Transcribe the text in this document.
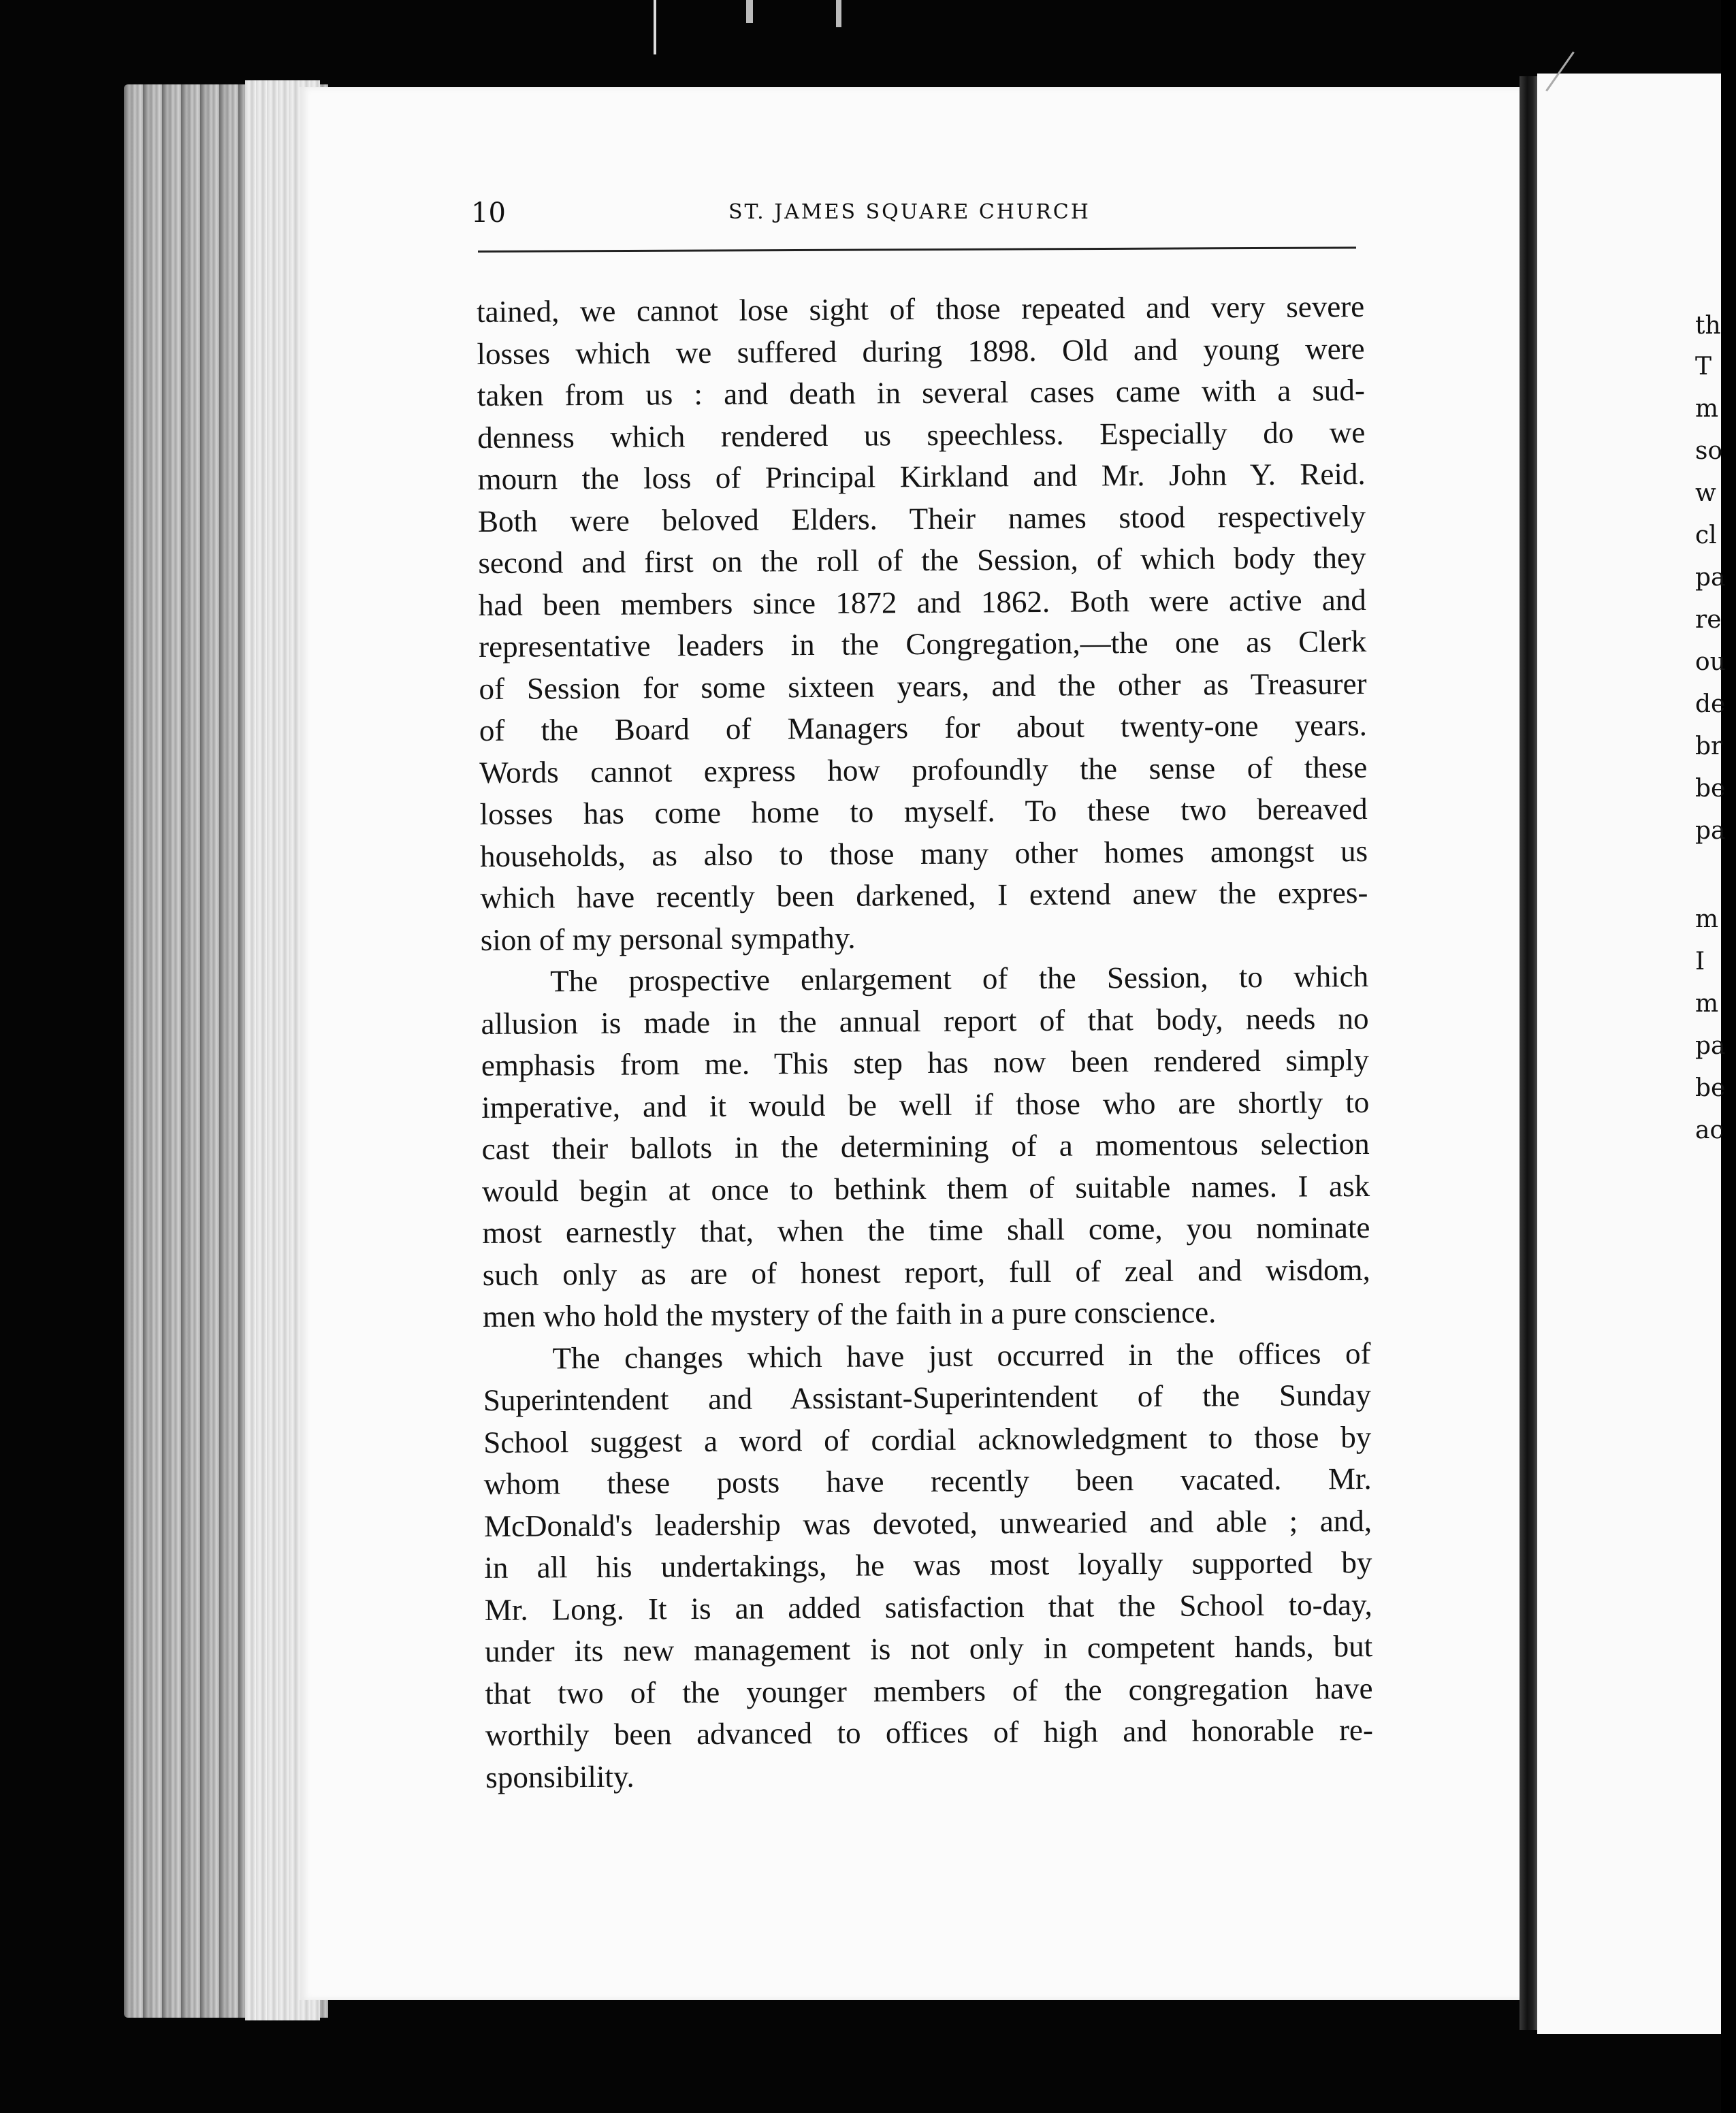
10	ST. JAMES SQUARE CHURCH
tained, we cannot lose sight of those repeated and very severe
losses which we suffered during 1898. Old and young were
taken from us : and death in several cases came with a sud-
denness which rendered us speechless. Especially do we
mourn the loss of Principal Kirkland and Mr. John Y. Reid.
Both were beloved Elders. Their names stood respectively
second and first on the roll of the Session, of which body they
had been members since 1872 and 1862. Both were active and
representative leaders in the Congregation,—the one as Clerk
of Session for some sixteen years, and the other as Treasurer
of the Board of Managers for about twenty-one years.
Words cannot express how profoundly the sense of these
losses has come home to myself. To these two bereaved
households, as also to those many other homes amongst us
which have recently been darkened, I extend anew the expres-
sion of my personal sympathy.
The prospective enlargement of the Session, to which
allusion is made in the annual report of that body, needs no
emphasis from me. This step has now been rendered simply
imperative, and it would be well if those who are shortly to
cast their ballots in the determining of a momentous selection
would begin at once to bethink them of suitable names. I ask
most earnestly that, when the time shall come, you nominate
such only as are of honest report, full of zeal and wisdom,
men who hold the mystery of the faith in a pure conscience.
The changes which have just occurred in the offices of
Superintendent and Assistant-Superintendent of the Sunday
School suggest a word of cordial acknowledgment to those by
whom these posts have recently been vacated. Mr.
McDonald's leadership was devoted, unwearied and able ; and,
in all his undertakings, he was most loyally supported by
Mr. Long. It is an added satisfaction that the School to-day,
under its new management is not only in competent hands, but
that two of the younger members of the congregation have
worthily been advanced to offices of high and honorable re-
sponsibility.
th
T
m
so
w
cl
pa
re
ou
de
br
be
pa
m
I
m
pa
be
ac
